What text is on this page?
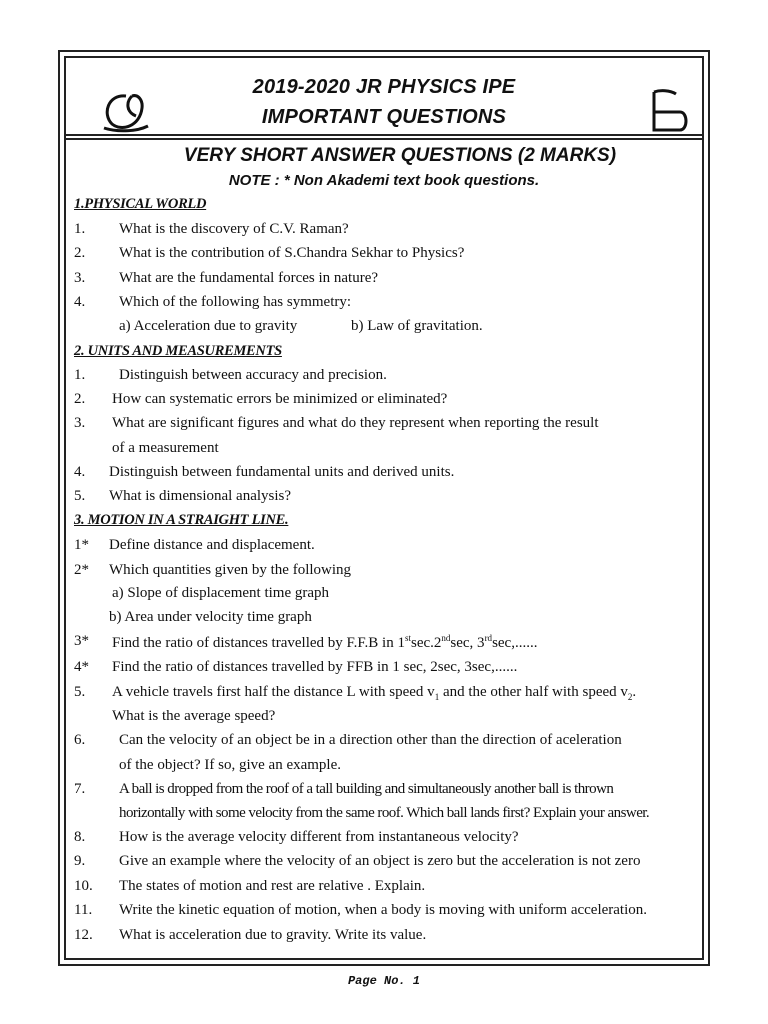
2019-2020 JR PHYSICS IPE
IMPORTANT QUESTIONS
VERY SHORT ANSWER QUESTIONS (2 MARKS)
NOTE : * Non Akademi text book questions.
1.PHYSICAL WORLD
1. What is the discovery of C.V. Raman?
2. What is the contribution of S.Chandra Sekhar to Physics?
3. What are the fundamental forces in nature?
4. Which of the following has symmetry:
a) Acceleration due to gravity	b) Law of gravitation.
2. UNITS AND MEASUREMENTS
1. Distinguish between accuracy and precision.
2. How can systematic errors be minimized or eliminated?
3. What are significant figures and what do they represent when reporting the result
of a measurement
4. Distinguish between fundamental units and derived units.
5. What is dimensional analysis?
3. MOTION IN A STRAIGHT LINE.
1* Define distance and displacement.
2* Which quantities given by the following
a) Slope of displacement time graph
b) Area under velocity time graph
3* Find the ratio of distances travelled by F.F.B in 1stsec.2ndsec, 3rdsec,......
4* Find the ratio of distances travelled by FFB in 1 sec, 2sec, 3sec,......
5. A vehicle travels first half the distance L with speed $v_1$ and the other half with speed $v_2$.
What is the average speed?
6. Can the velocity of an object be in a direction other than the direction of aceleration
of the object? If so, give an example.
7. A ball is dropped from the roof of a tall building and simultaneously another ball is thrown
horizontally with some velocity from the same roof. Which ball lands first? Explain your answer.
8. How is the average velocity different from instantaneous velocity?
9. Give an example where the velocity of an object is zero but the acceleration is not zero
10. The states of motion and rest are relative . Explain.
11. Write the kinetic equation of motion, when a body is moving with uniform acceleration.
12. What is acceleration due to gravity. Write its value.
Page No. 1
